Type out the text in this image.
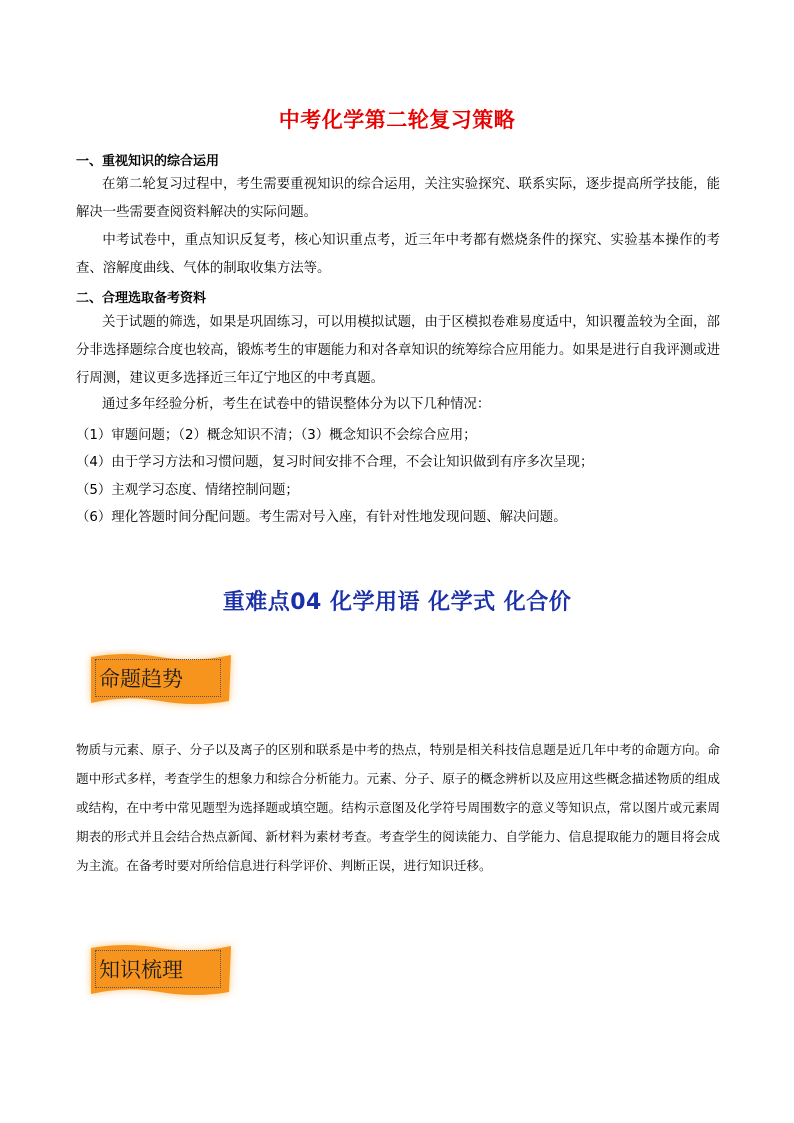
中考化学第二轮复习策略
一、重视知识的综合运用
在第二轮复习过程中，考生需要重视知识的综合运用，关注实验探究、联系实际，逐步提高所学技能，能解决一些需要查阅资料解决的实际问题。
中考试卷中，重点知识反复考，核心知识重点考，近三年中考都有燃烧条件的探究、实验基本操作的考查、溶解度曲线、气体的制取收集方法等。
二、合理选取备考资料
关于试题的筛选，如果是巩固练习，可以用模拟试题，由于区模拟卷难易度适中，知识覆盖较为全面，部分非选择题综合度也较高，锻炼考生的审题能力和对各章知识的统筹综合应用能力。如果是进行自我评测或进行周测，建议更多选择近三年辽宁地区的中考真题。
通过多年经验分析，考生在试卷中的错误整体分为以下几种情况：
（1）审题问题；（2）概念知识不清；（3）概念知识不会综合应用；
（4）由于学习方法和习惯问题，复习时间安排不合理，不会让知识做到有序多次呈现；
（5）主观学习态度、情绪控制问题；
（6）理化答题时间分配问题。考生需对号入座，有针对性地发现问题、解决问题。
重难点04 化学用语 化学式 化合价
命题趋势
物质与元素、原子、分子以及离子的区别和联系是中考的热点，特别是相关科技信息题是近几年中考的命题方向。命题中形式多样，考查学生的想象力和综合分析能力。元素、分子、原子的概念辨析以及应用这些概念描述物质的组成或结构，在中考中常见题型为选择题或填空题。结构示意图及化学符号周围数字的意义等知识点，常以图片或元素周期表的形式并且会结合热点新闻、新材料为素材考查。考查学生的阅读能力、自学能力、信息提取能力的题目将会成为主流。在备考时要对所给信息进行科学评价、判断正误，进行知识迁移。
知识梳理
